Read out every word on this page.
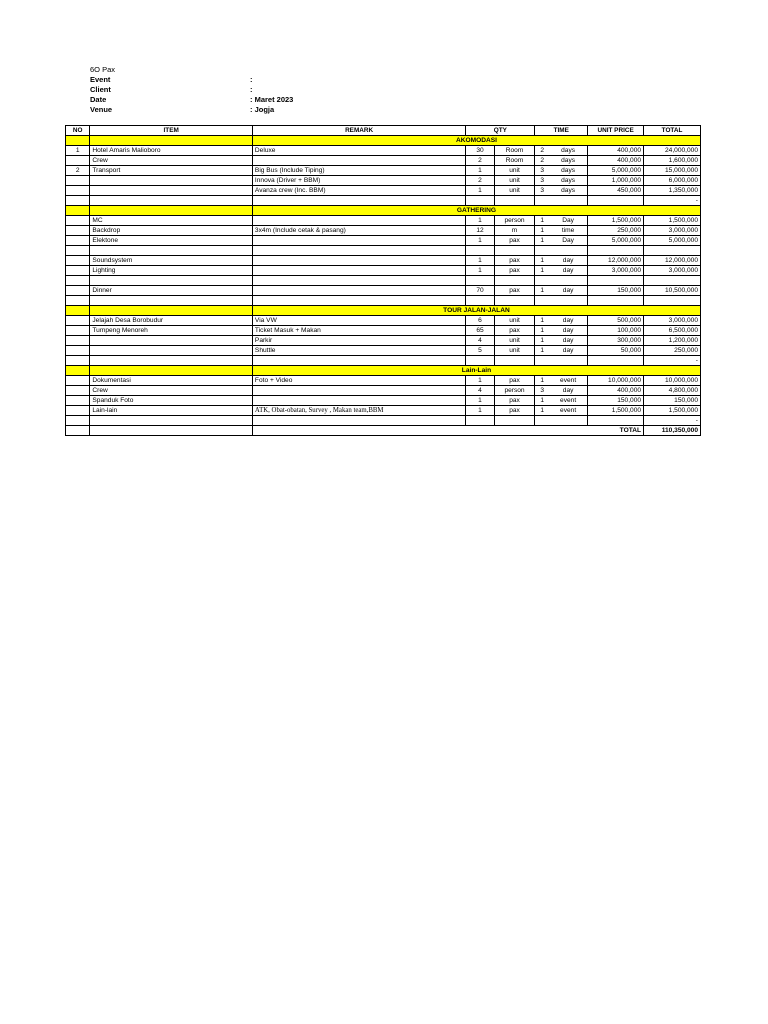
6O Pax
Event	:
Client	:
Date	: Maret 2023
Venue	: Jogja
NO	ITEM	REMARK	QTY		TIME		UNIT PRICE	TOTAL
		AKOMODASI						
1	Hotel Amaris Malioboro	Deluxe	30	Room	2	days	400,000	24,000,000
	Crew		2	Room	2	days	400,000	1,600,000
2	Transport	Big Bus (Include Tiping)	1	unit	3	days	5,000,000	15,000,000
		Innova (Driver + BBM)	2	unit	3	days	1,000,000	6,000,000
		Avanza crew (Inc. BBM)	1	unit	3	days	450,000	1,350,000
								-
		GATHERING						
	MC		1	person	1	Day	1,500,000	1,500,000
	Backdrop	3x4m (Include cetak & pasang)	12	m	1	time	250,000	3,000,000
	Elektone		1	pax	1	Day	5,000,000	5,000,000

	Soundsystem		1	pax	1	day	12,000,000	12,000,000
	Lighting		1	pax	1	day	3,000,000	3,000,000

	Dinner		70	pax	1	day	150,000	10,500,000

		TOUR JALAN-JALAN						
	Jelajah Desa Borobudur	Via VW	6	unit	1	day	500,000	3,000,000
	Tumpeng Menoreh	Ticket Masuk + Makan	65	pax	1	day	100,000	6,500,000
		Parkir	4	unit	1	day	300,000	1,200,000
		Shuttle	5	unit	1	day	50,000	250,000
								-
		Lain-Lain						
	Dokumentasi	Foto + Video	1	pax	1	event	10,000,000	10,000,000
	Crew		4	person	3	day	400,000	4,800,000
	Spanduk Foto		1	pax	1	event	150,000	150,000
	Lain-lain	ATK, Obat-obatan, Survey , Makan team,BBM	1	pax	1	event	1,500,000	1,500,000
								-
		TOTAL						110,350,000
